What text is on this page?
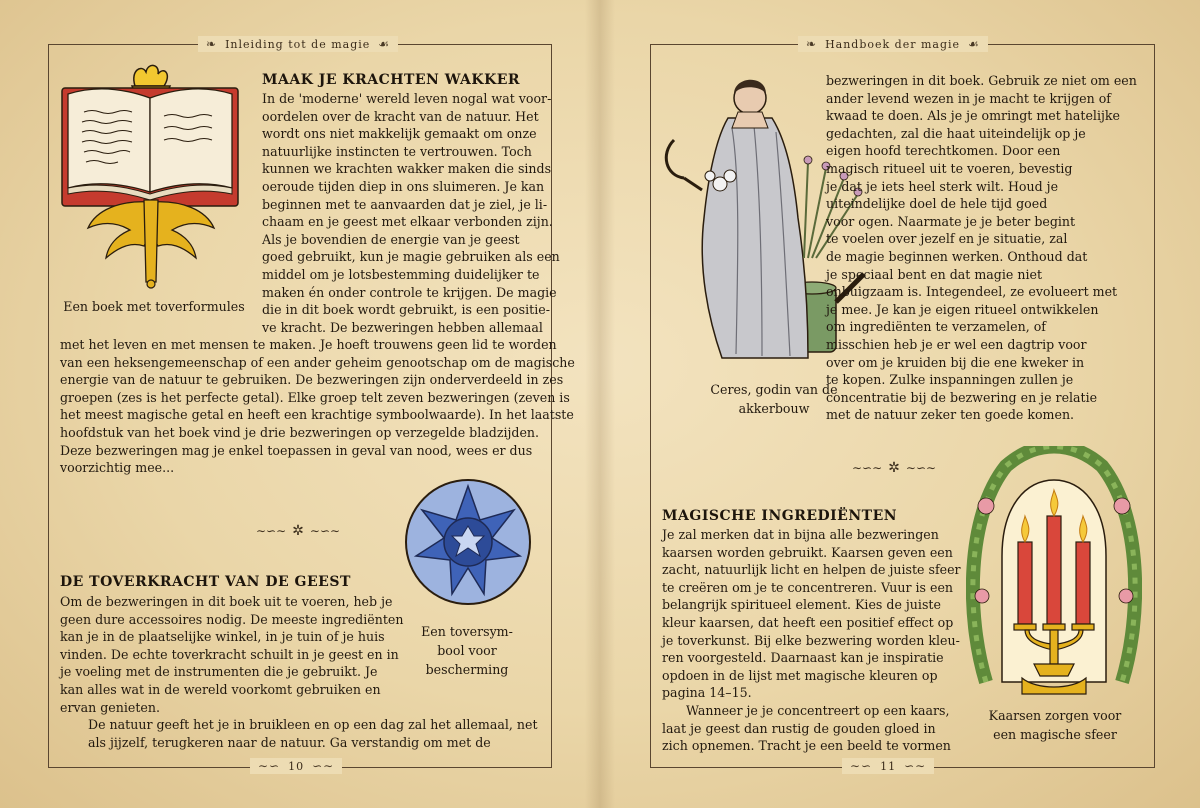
❧ Inleiding tot de magie ☙
Een boek met toverformules
MAAK JE KRACHTEN WAKKER
In de 'moderne' wereld leven nogal wat voor-
oordelen over de kracht van de natuur. Het
wordt ons niet makkelijk gemaakt om onze
natuurlijke instincten te vertrouwen. Toch
kunnen we krachten wakker maken die sinds
oeroude tijden diep in ons sluimeren. Je kan
beginnen met te aanvaarden dat je ziel, je li-
chaam en je geest met elkaar verbonden zijn.
Als je bovendien de energie van je geest
goed gebruikt, kun je magie gebruiken als een
middel om je lotsbestemming duidelijker te
maken én onder controle te krijgen. De magie
die in dit boek wordt gebruikt, is een positie-
ve kracht. De bezweringen hebben allemaal
met het leven en met mensen te maken. Je hoeft trouwens geen lid te worden
van een heksengemeenschap of een ander geheim genootschap om de magische
energie van de natuur te gebruiken. De bezweringen zijn onderverdeeld in zes
groepen (zes is het perfecte getal). Elke groep telt zeven bezweringen (zeven is
het meest magische getal en heeft een krachtige symboolwaarde). In het laatste
hoofdstuk van het boek vind je drie bezweringen op verzegelde bladzijden.
Deze bezweringen mag je enkel toepassen in geval van nood, wees er dus
voorzichtig mee...
∼∽∼ ✲ ∼∽∼
Een toversym-
bool voor
bescherming
DE TOVERKRACHT VAN DE GEEST
Om de bezweringen in dit boek uit te voeren, heb je
geen dure accessoires nodig. De meeste ingrediënten
kan je in de plaatselijke winkel, in je tuin of je huis
vinden. De echte toverkracht schuilt in je geest en in
je voeling met de instrumenten die je gebruikt. Je
kan alles wat in de wereld voorkomt gebruiken en
ervan genieten.
De natuur geeft het je in bruikleen en op een dag zal het allemaal, net
als jijzelf, terugkeren naar de natuur. Ga verstandig om met de
∼∽ 10 ∽∼
❧ Handboek der magie ☙
Ceres, godin van de
akkerbouw
bezweringen in dit boek. Gebruik ze niet om een
ander levend wezen in je macht te krijgen of
kwaad te doen. Als je je omringt met hatelijke
gedachten, zal die haat uiteindelijk op je
eigen hoofd terechtkomen. Door een
magisch ritueel uit te voeren, bevestig
je dat je iets heel sterk wilt. Houd je
uiteindelijke doel de hele tijd goed
voor ogen. Naarmate je je beter begint
te voelen over jezelf en je situatie, zal
de magie beginnen werken. Onthoud dat
je speciaal bent en dat magie niet
onbuigzaam is. Integendeel, ze evolueert met
je mee. Je kan je eigen ritueel ontwikkelen
om ingrediënten te verzamelen, of
misschien heb je er wel een dagtrip voor
over om je kruiden bij die ene kweker in
te kopen. Zulke inspanningen zullen je
concentratie bij de bezwering en je relatie
met de natuur zeker ten goede komen.
∼∽∼ ✲ ∼∽∼
MAGISCHE INGREDIËNTEN
Je zal merken dat in bijna alle bezweringen
kaarsen worden gebruikt. Kaarsen geven een
zacht, natuurlijk licht en helpen de juiste sfeer
te creëren om je te concentreren. Vuur is een
belangrijk spiritueel element. Kies de juiste
kleur kaarsen, dat heeft een positief effect op
je toverkunst. Bij elke bezwering worden kleu-
ren voorgesteld. Daarnaast kan je inspiratie
opdoen in de lijst met magische kleuren op
pagina 14–15.
Wanneer je je concentreert op een kaars,
laat je geest dan rustig de gouden gloed in
zich opnemen. Tracht je een beeld te vormen
Kaarsen zorgen voor
een magische sfeer
∼∽ 11 ∽∼
